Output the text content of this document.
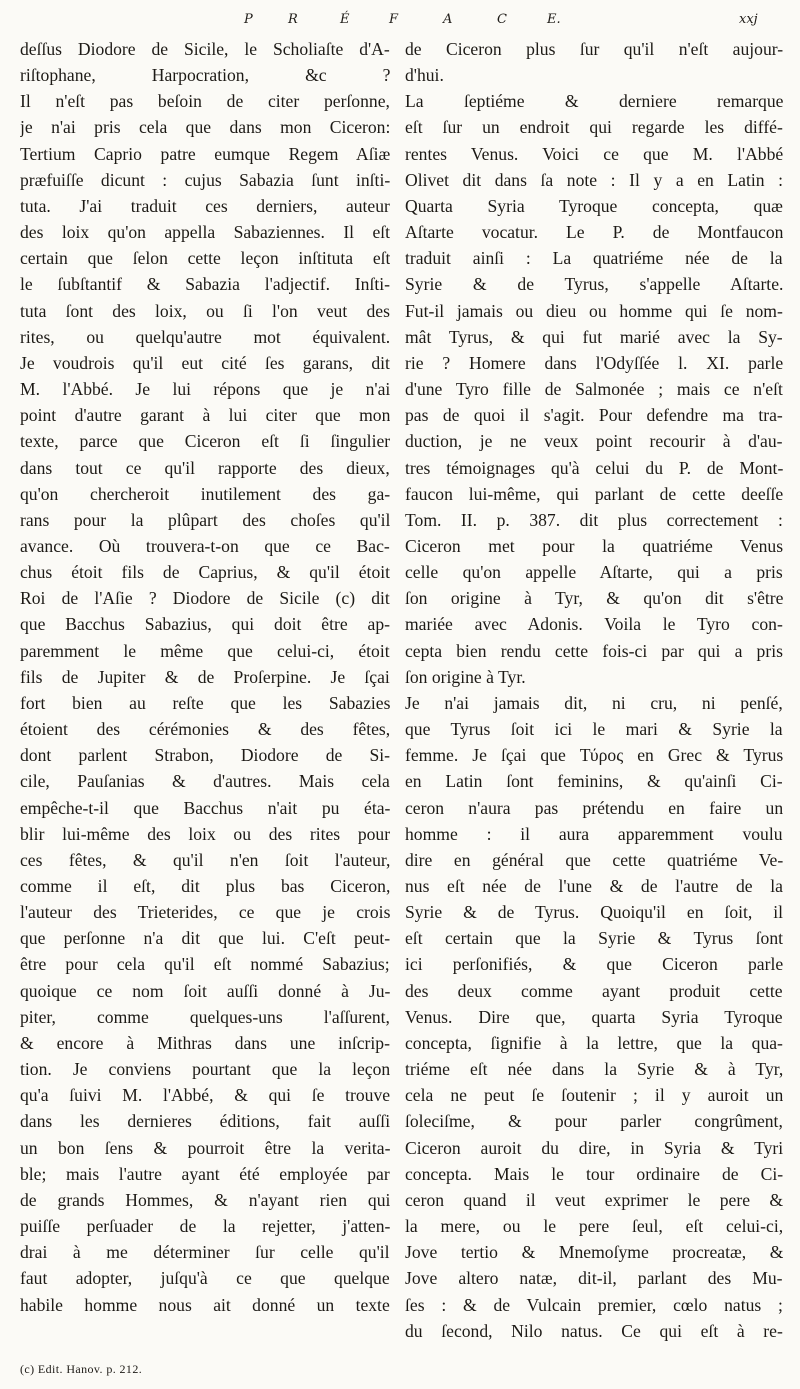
P	R	É	F	A	C	E.	xxj
deſſus Diodore de Sicile, le Scholiaſte d'A-
riſtophane, Harpocration, &c ?
Il n'eſt pas beſoin de citer perſonne,
je n'ai pris cela que dans mon Ciceron:
Tertium Caprio patre eumque Regem Aſiæ
præfuiſſe dicunt : cujus Sabazia ſunt inſti-
tuta. J'ai traduit ces derniers, auteur
des loix qu'on appella Sabaziennes. Il eſt
certain que ſelon cette leçon inſtituta eſt
le ſubſtantif & Sabazia l'adjectif. Inſti-
tuta ſont des loix, ou ſi l'on veut des
rites, ou quelqu'autre mot équivalent.
Je voudrois qu'il eut cité ſes garans, dit
M. l'Abbé. Je lui répons que je n'ai
point d'autre garant à lui citer que mon
texte, parce que Ciceron eſt ſi ſingulier
dans tout ce qu'il rapporte des dieux,
qu'on chercheroit inutilement des ga-
rans pour la plûpart des choſes qu'il
avance. Où trouvera-t-on que ce Bac-
chus étoit fils de Caprius, & qu'il étoit
Roi de l'Aſie ? Diodore de Sicile (c) dit
que Bacchus Sabazius, qui doit être ap-
paremment le même que celui-ci, étoit
fils de Jupiter & de Proſerpine. Je ſçai
fort bien au reſte que les Sabazies
étoient des cérémonies & des fêtes,
dont parlent Strabon, Diodore de Si-
cile, Pauſanias & d'autres. Mais cela
empêche-t-il que Bacchus n'ait pu éta-
blir lui-même des loix ou des rites pour
ces fêtes, & qu'il n'en ſoit l'auteur,
comme il eſt, dit plus bas Ciceron,
l'auteur des Trieterides, ce que je crois
que perſonne n'a dit que lui. C'eſt peut-
être pour cela qu'il eſt nommé Sabazius;
quoique ce nom ſoit auſſi donné à Ju-
piter, comme quelques-uns l'aſſurent,
& encore à Mithras dans une inſcrip-
tion. Je conviens pourtant que la leçon
qu'a ſuivi M. l'Abbé, & qui ſe trouve
dans les dernieres éditions, fait auſſi
un bon ſens & pourroit être la verita-
ble; mais l'autre ayant été employée par
de grands Hommes, & n'ayant rien qui
puiſſe perſuader de la rejetter, j'atten-
drai à me déterminer ſur celle qu'il
faut adopter, juſqu'à ce que quelque
habile homme nous ait donné un texte
de Ciceron plus ſur qu'il n'eſt aujour-
d'hui.
La ſeptiéme & derniere remarque
eſt ſur un endroit qui regarde les diffé-
rentes Venus. Voici ce que M. l'Abbé
Olivet dit dans ſa note : Il y a en Latin :
Quarta Syria Tyroque concepta, quæ
Aſtarte vocatur. Le P. de Montfaucon
traduit ainſi : La quatriéme née de la
Syrie & de Tyrus, s'appelle Aſtarte.
Fut-il jamais ou dieu ou homme qui ſe nom-
mât Tyrus, & qui fut marié avec la Sy-
rie ? Homere dans l'Odyſſée l. XI. parle
d'une Tyro fille de Salmonée ; mais ce n'eſt
pas de quoi il s'agit. Pour defendre ma tra-
duction, je ne veux point recourir à d'au-
tres témoignages qu'à celui du P. de Mont-
faucon lui-même, qui parlant de cette deeſſe
Tom. II. p. 387. dit plus correctement :
Ciceron met pour la quatriéme Venus
celle qu'on appelle Aſtarte, qui a pris
ſon origine à Tyr, & qu'on dit s'être
mariée avec Adonis. Voila le Tyro con-
cepta bien rendu cette fois-ci par qui a pris
ſon origine à Tyr.
Je n'ai jamais dit, ni cru, ni penſé,
que Tyrus ſoit ici le mari & Syrie la
femme. Je ſçai que Τύρος en Grec & Tyrus
en Latin ſont feminins, & qu'ainſi Ci-
ceron n'aura pas prétendu en faire un
homme : il aura apparemment voulu
dire en général que cette quatriéme Ve-
nus eſt née de l'une & de l'autre de la
Syrie & de Tyrus. Quoiqu'il en ſoit, il
eſt certain que la Syrie & Tyrus ſont
ici perſonifiés, & que Ciceron parle
des deux comme ayant produit cette
Venus. Dire que, quarta Syria Tyroque
concepta, ſignifie à la lettre, que la qua-
triéme eſt née dans la Syrie & à Tyr,
cela ne peut ſe ſoutenir ; il y auroit un
ſoleciſme, & pour parler congrûment,
Ciceron auroit du dire, in Syria & Tyri
concepta. Mais le tour ordinaire de Ci-
ceron quand il veut exprimer le pere &
la mere, ou le pere ſeul, eſt celui-ci,
Jove tertio & Mnemoſyme procreatæ, &
Jove altero natæ, dit-il, parlant des Mu-
ſes : & de Vulcain premier, cœlo natus ;
du ſecond, Nilo natus. Ce qui eſt à re-
(c) Edit. Hanov. p. 212.
